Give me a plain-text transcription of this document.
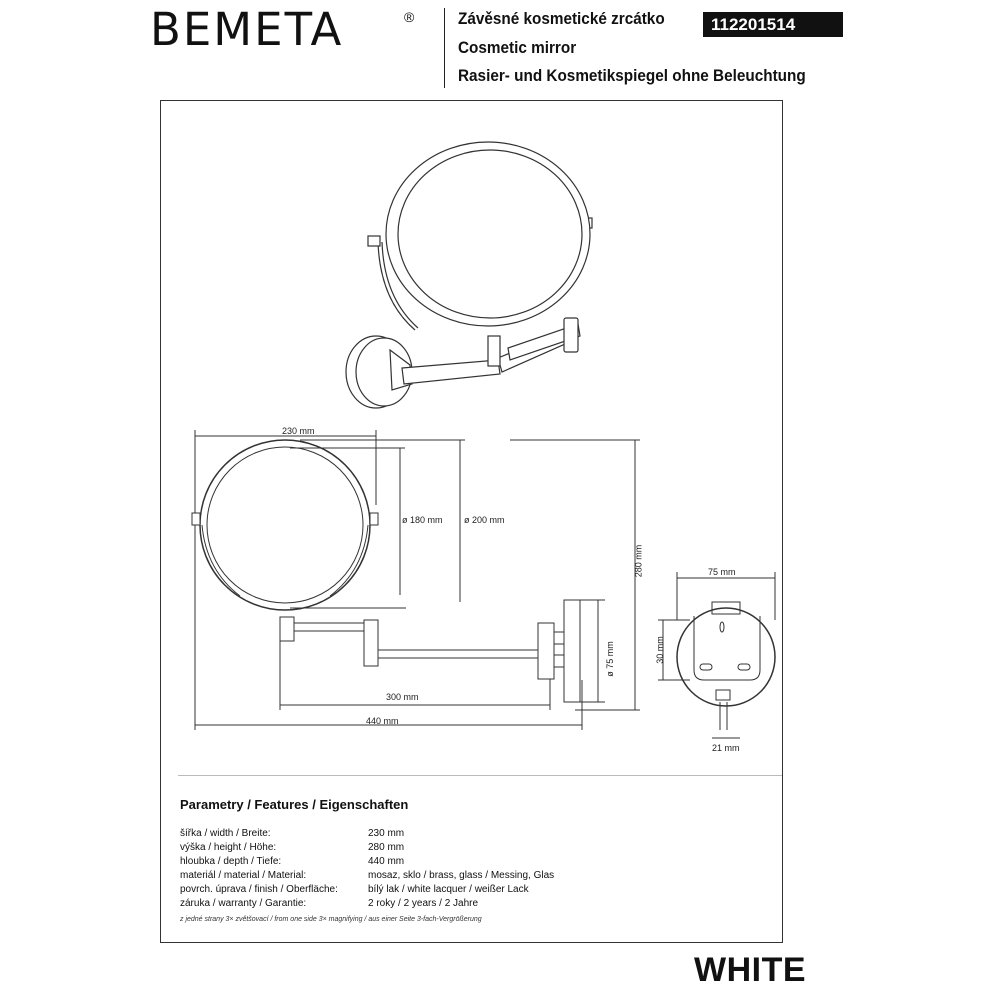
BEMETA	®	Závěsné kosmetické zrcátko
Cosmetic mirror
Rasier- und Kosmetikspiegel ohne Beleuchtung
112201514
230 mm
ø 180 mm ø 200 mm
280 mm
ø 75 mm
300 mm
440 mm
75 mm
30 mm
21 mm
Parametry / Features / Eigenschaften
šířka / width / Breite:	230 mm
výška / height / Höhe:	280 mm
hloubka / depth / Tiefe:	440 mm
materiál / material / Material:	mosaz, sklo / brass, glass / Messing, Glas
povrch. úprava / finish / Oberfläche:	bílý lak / white lacquer / weißer Lack
záruka / warranty / Garantie:	2 roky / 2 years / 2 Jahre
z jedné strany 3× zvětšovací / from one side 3× magnifying / aus einer Seite 3-fach-Vergrößerung
WHITE
